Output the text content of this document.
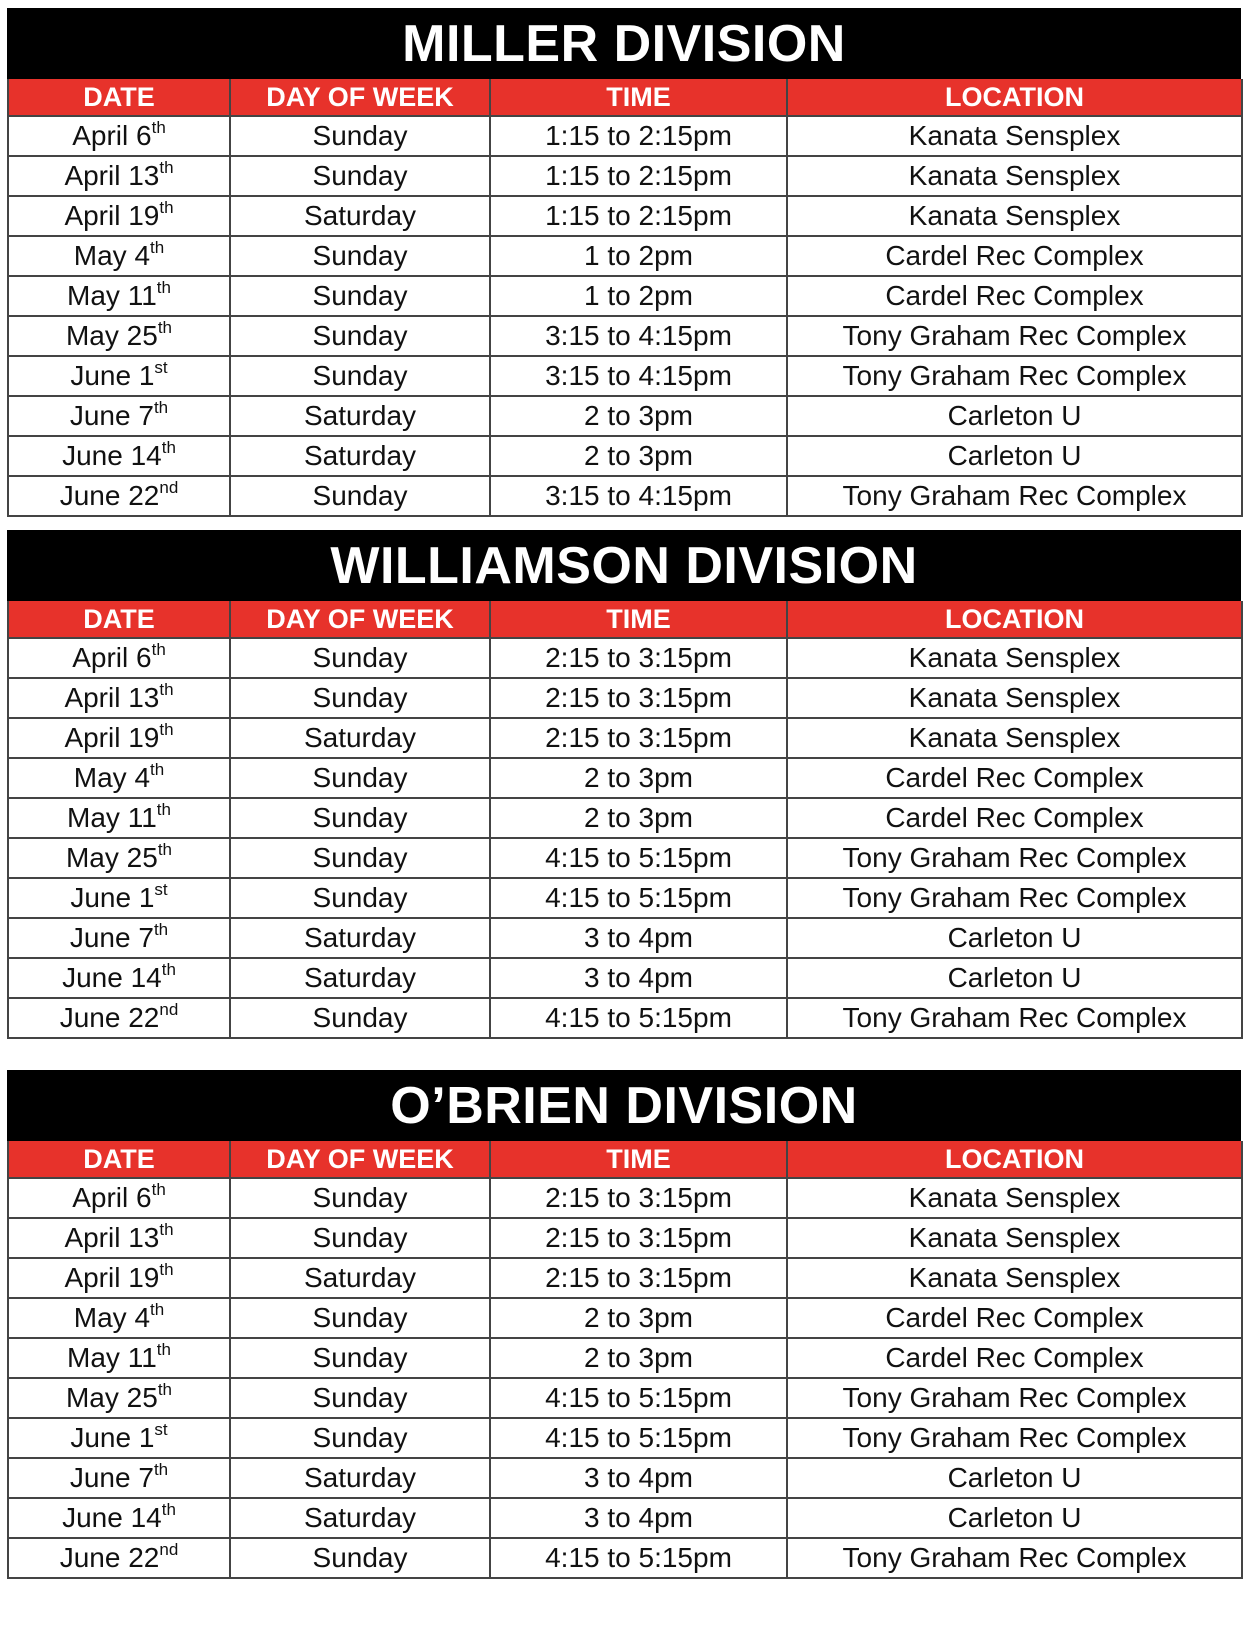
MILLER DIVISION
DATE	DAY OF WEEK	TIME	LOCATION
April 6th	Sunday	1:15 to 2:15pm	Kanata Sensplex
April 13th	Sunday	1:15 to 2:15pm	Kanata Sensplex
April 19th	Saturday	1:15 to 2:15pm	Kanata Sensplex
May 4th	Sunday	1 to 2pm	Cardel Rec Complex
May 11th	Sunday	1 to 2pm	Cardel Rec Complex
May 25th	Sunday	3:15 to 4:15pm	Tony Graham Rec Complex
June 1st	Sunday	3:15 to 4:15pm	Tony Graham Rec Complex
June 7th	Saturday	2 to 3pm	Carleton U
June 14th	Saturday	2 to 3pm	Carleton U
June 22nd	Sunday	3:15 to 4:15pm	Tony Graham Rec Complex
WILLIAMSON DIVISION
DATE	DAY OF WEEK	TIME	LOCATION
April 6th	Sunday	2:15 to 3:15pm	Kanata Sensplex
April 13th	Sunday	2:15 to 3:15pm	Kanata Sensplex
April 19th	Saturday	2:15 to 3:15pm	Kanata Sensplex
May 4th	Sunday	2 to 3pm	Cardel Rec Complex
May 11th	Sunday	2 to 3pm	Cardel Rec Complex
May 25th	Sunday	4:15 to 5:15pm	Tony Graham Rec Complex
June 1st	Sunday	4:15 to 5:15pm	Tony Graham Rec Complex
June 7th	Saturday	3 to 4pm	Carleton U
June 14th	Saturday	3 to 4pm	Carleton U
June 22nd	Sunday	4:15 to 5:15pm	Tony Graham Rec Complex
O’BRIEN DIVISION
DATE	DAY OF WEEK	TIME	LOCATION
April 6th	Sunday	2:15 to 3:15pm	Kanata Sensplex
April 13th	Sunday	2:15 to 3:15pm	Kanata Sensplex
April 19th	Saturday	2:15 to 3:15pm	Kanata Sensplex
May 4th	Sunday	2 to 3pm	Cardel Rec Complex
May 11th	Sunday	2 to 3pm	Cardel Rec Complex
May 25th	Sunday	4:15 to 5:15pm	Tony Graham Rec Complex
June 1st	Sunday	4:15 to 5:15pm	Tony Graham Rec Complex
June 7th	Saturday	3 to 4pm	Carleton U
June 14th	Saturday	3 to 4pm	Carleton U
June 22nd	Sunday	4:15 to 5:15pm	Tony Graham Rec Complex
